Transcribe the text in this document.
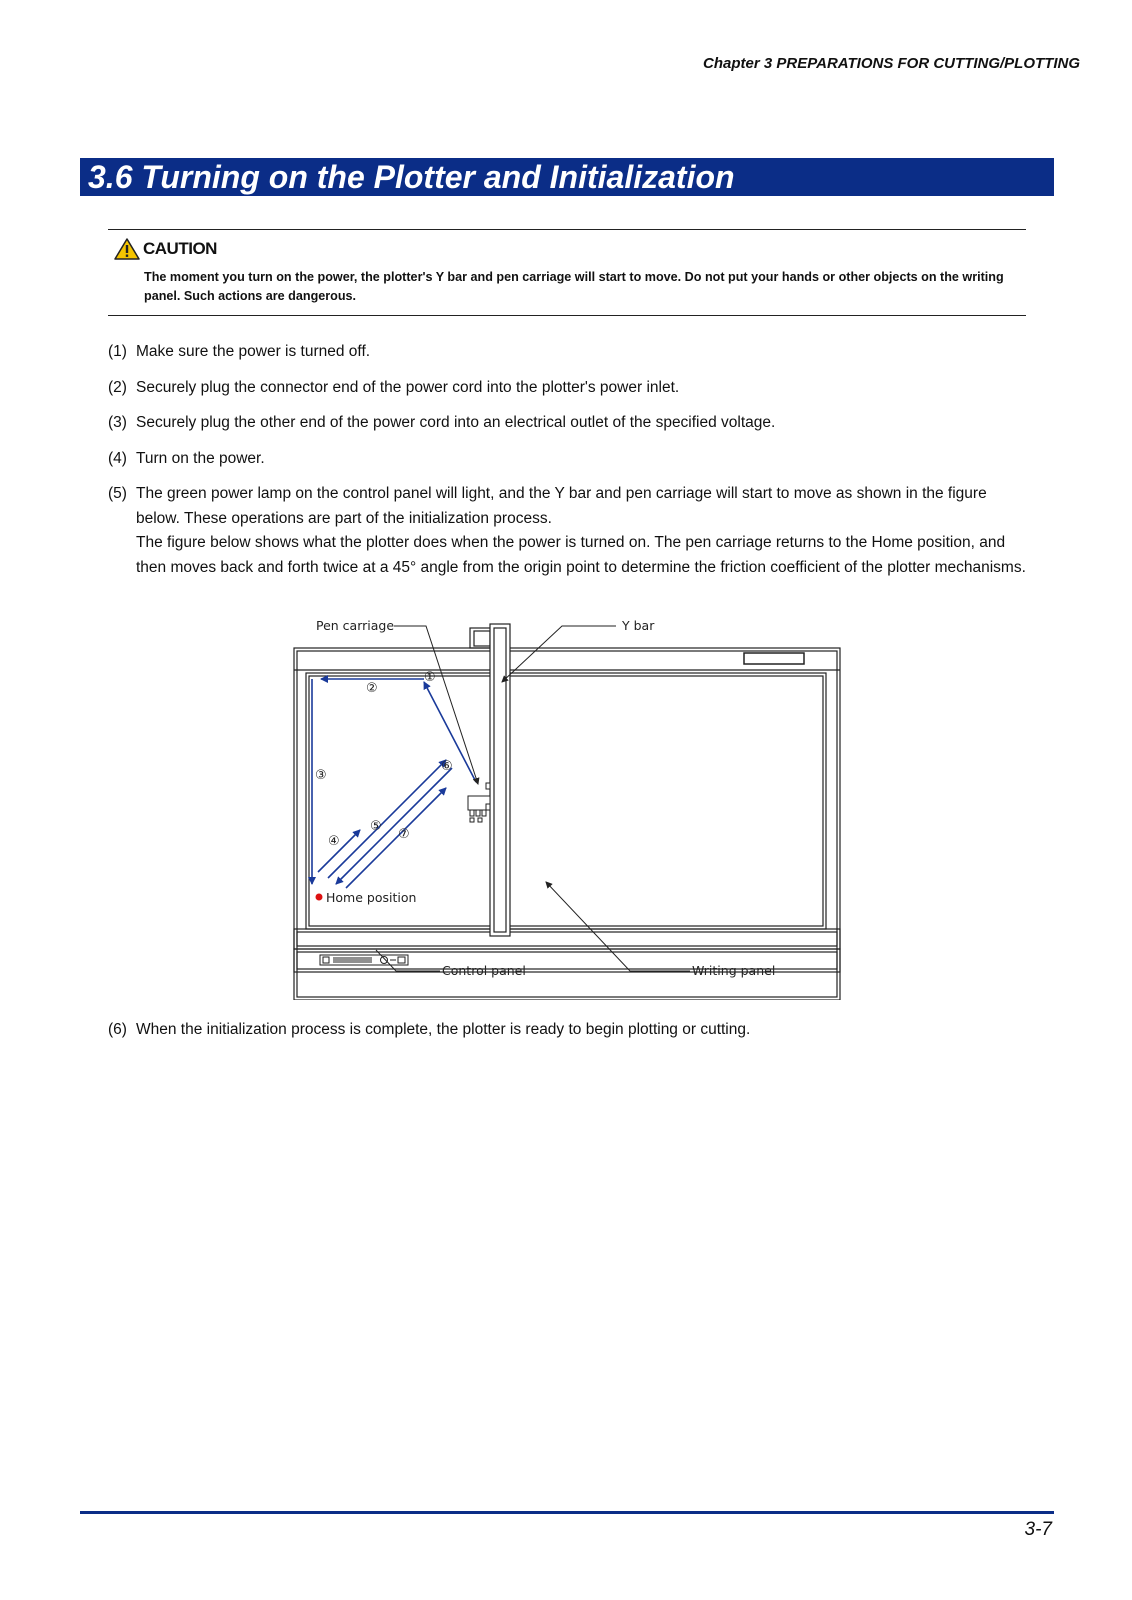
Chapter 3 PREPARATIONS FOR CUTTING/PLOTTING
3.6 Turning on the Plotter and Initialization
CAUTION
The moment you turn on the power, the plotter's Y bar and pen carriage will start to move. Do not put your hands or other objects on the writing panel. Such actions are dangerous.
(1) Make sure the power is turned off.

(2) Securely plug the connector end of the power cord into the plotter's power inlet.

(3) Securely plug the other end of the power cord into an electrical outlet of the specified voltage.

(4) Turn on the power.

(5) The green power lamp on the control panel will light, and the Y bar and pen carriage will start to move as shown in the figure below. These operations are part of the initialization process.

The figure below shows what the plotter does when the power is turned on. The pen carriage returns to the Home position, and then moves back and forth twice at a 45° angle from the origin point to determine the friction coefficient of the plotter mechanisms.

①
②
③
④
⑤
⑥
⑦
Home position
Pen carriage	Y bar
Control panel	Writing panel
(6) When the initialization process is complete, the plotter is ready to begin plotting or cutting.

3-7
